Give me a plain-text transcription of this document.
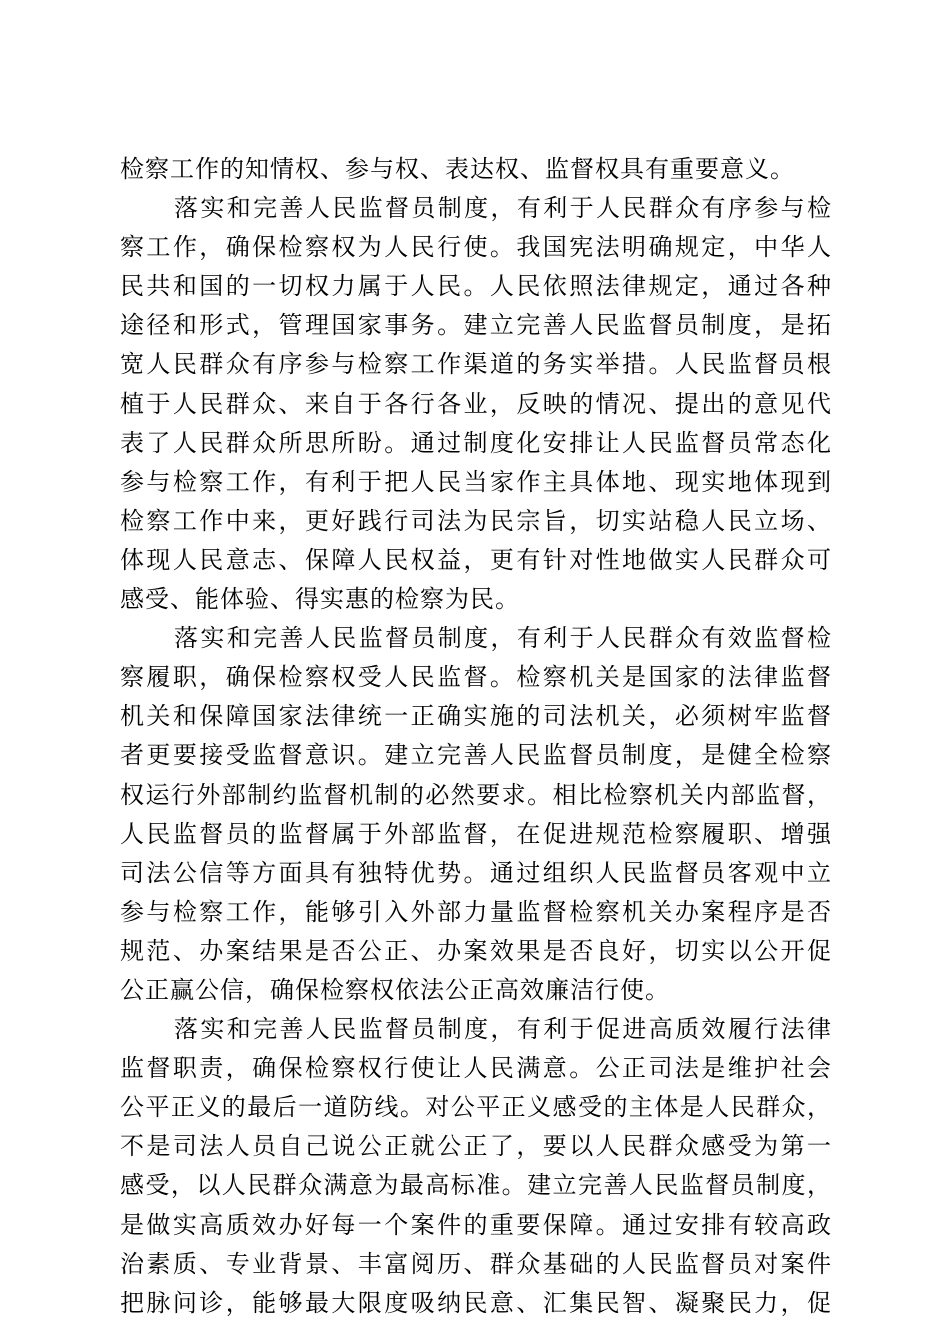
检察工作的知情权、参与权、表达权、监督权具有重要意义。
落实和完善人民监督员制度，有利于人民群众有序参与检
察工作，确保检察权为人民行使。我国宪法明确规定，中华人
民共和国的一切权力属于人民。人民依照法律规定，通过各种
途径和形式，管理国家事务。建立完善人民监督员制度，是拓
宽人民群众有序参与检察工作渠道的务实举措。人民监督员根
植于人民群众、来自于各行各业，反映的情况、提出的意见代
表了人民群众所思所盼。通过制度化安排让人民监督员常态化
参与检察工作，有利于把人民当家作主具体地、现实地体现到
检察工作中来，更好践行司法为民宗旨，切实站稳人民立场、
体现人民意志、保障人民权益，更有针对性地做实人民群众可
感受、能体验、得实惠的检察为民。
落实和完善人民监督员制度，有利于人民群众有效监督检
察履职，确保检察权受人民监督。检察机关是国家的法律监督
机关和保障国家法律统一正确实施的司法机关，必须树牢监督
者更要接受监督意识。建立完善人民监督员制度，是健全检察
权运行外部制约监督机制的必然要求。相比检察机关内部监督，
人民监督员的监督属于外部监督，在促进规范检察履职、增强
司法公信等方面具有独特优势。通过组织人民监督员客观中立
参与检察工作，能够引入外部力量监督检察机关办案程序是否
规范、办案结果是否公正、办案效果是否良好，切实以公开促
公正赢公信，确保检察权依法公正高效廉洁行使。
落实和完善人民监督员制度，有利于促进高质效履行法律
监督职责，确保检察权行使让人民满意。公正司法是维护社会
公平正义的最后一道防线。对公平正义感受的主体是人民群众，
不是司法人员自己说公正就公正了，要以人民群众感受为第一
感受，以人民群众满意为最高标准。建立完善人民监督员制度，
是做实高质效办好每一个案件的重要保障。通过安排有较高政
治素质、专业背景、丰富阅历、群众基础的人民监督员对案件
把脉问诊，能够最大限度吸纳民意、汇集民智、凝聚民力，促
